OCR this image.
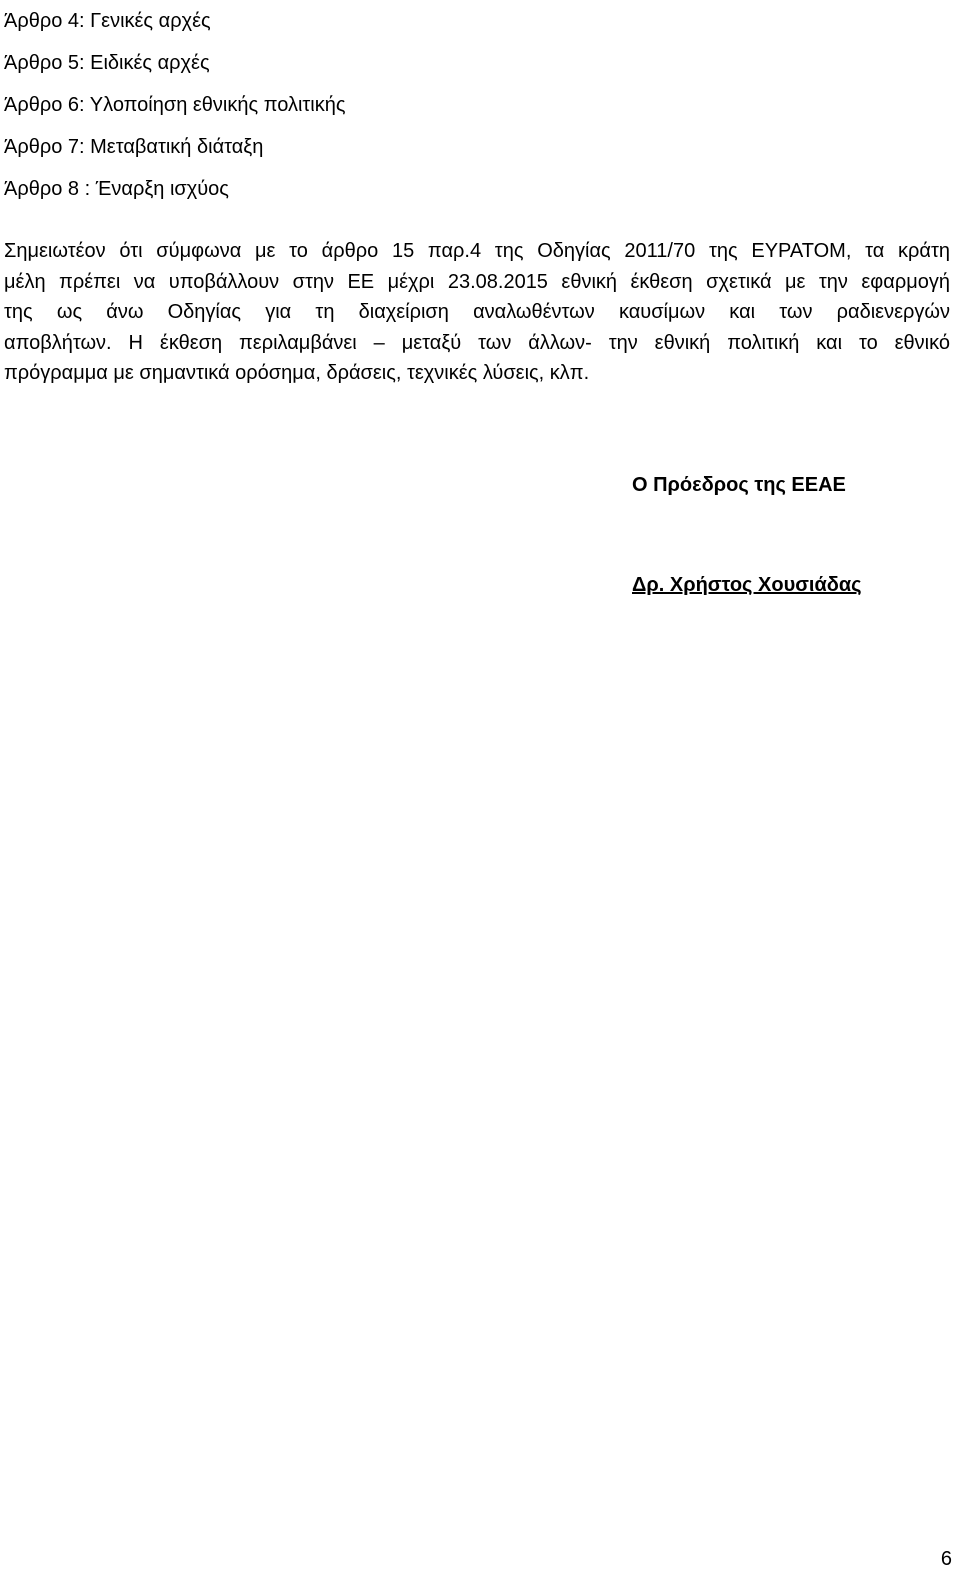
Άρθρο 4: Γενικές αρχές
Άρθρο 5: Ειδικές αρχές
Άρθρο 6: Υλοποίηση εθνικής πολιτικής
Άρθρο 7: Μεταβατική διάταξη
Άρθρο 8 : Έναρξη ισχύος

Σημειωτέον ότι σύμφωνα με το άρθρο 15 παρ.4 της Οδηγίας 2011/70 της ΕΥΡΑΤΟΜ, τα κράτη
μέλη πρέπει να υποβάλλουν στην ΕΕ μέχρι 23.08.2015 εθνική έκθεση σχετικά με την εφαρμογή
της ως άνω Οδηγίας για τη διαχείριση αναλωθέντων καυσίμων και των ραδιενεργών
αποβλήτων. Η έκθεση περιλαμβάνει – μεταξύ των άλλων- την εθνική πολιτική και το εθνικό
πρόγραμμα με σημαντικά ορόσημα, δράσεις, τεχνικές λύσεις, κλπ.

Ο Πρόεδρος της ΕΕΑΕ
Δρ. Χρήστος Χουσιάδας
6
